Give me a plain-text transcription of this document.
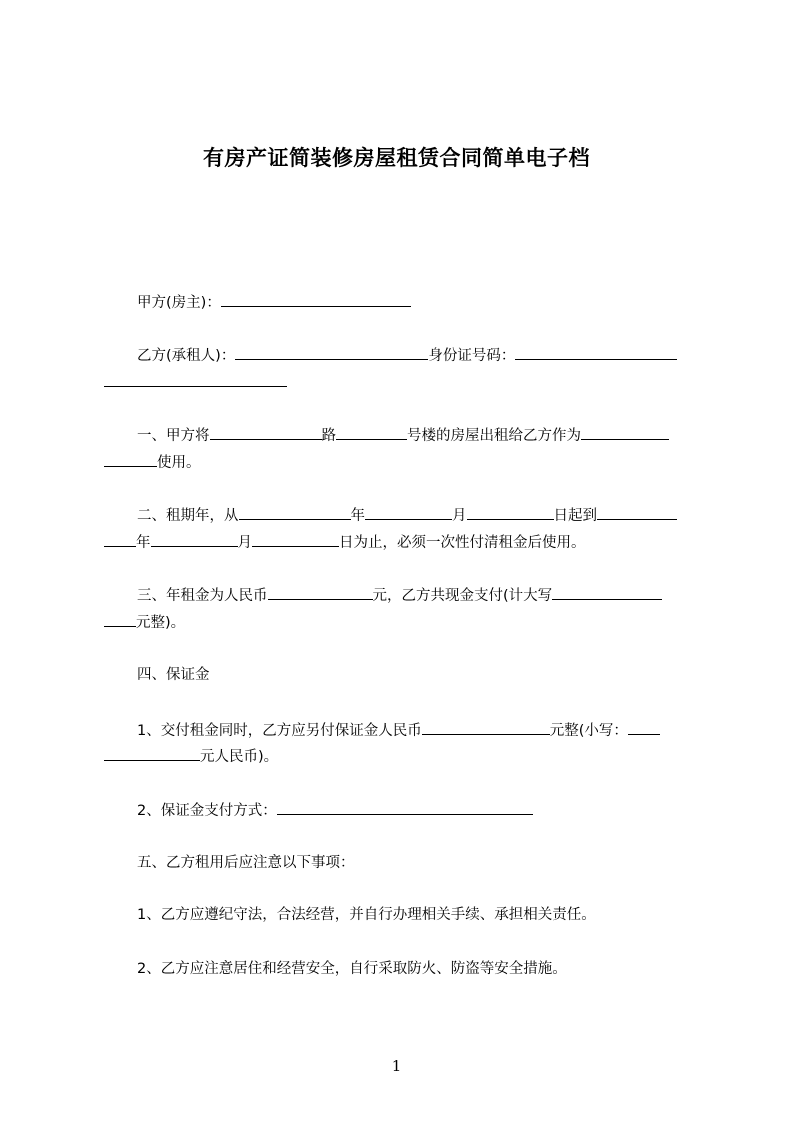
有房产证简装修房屋租赁合同简单电子档
甲方(房主)：
乙方(承租人)：	身份证号码：
一、甲方将	路	号楼的房屋出租给乙方作为
使用。
二、租期年，从	年	月	日起到
年	月	日为止，必须一次性付清租金后使用。
三、年租金为人民币	元，乙方共现金支付(计大写
元整)。
四、保证金
1、交付租金同时，乙方应另付保证金人民币	元整(小写：
元人民币)。
2、保证金支付方式：
五、乙方租用后应注意以下事项：
1、乙方应遵纪守法，合法经营，并自行办理相关手续、承担相关责任。
2、乙方应注意居住和经营安全，自行采取防火、防盗等安全措施。
1
